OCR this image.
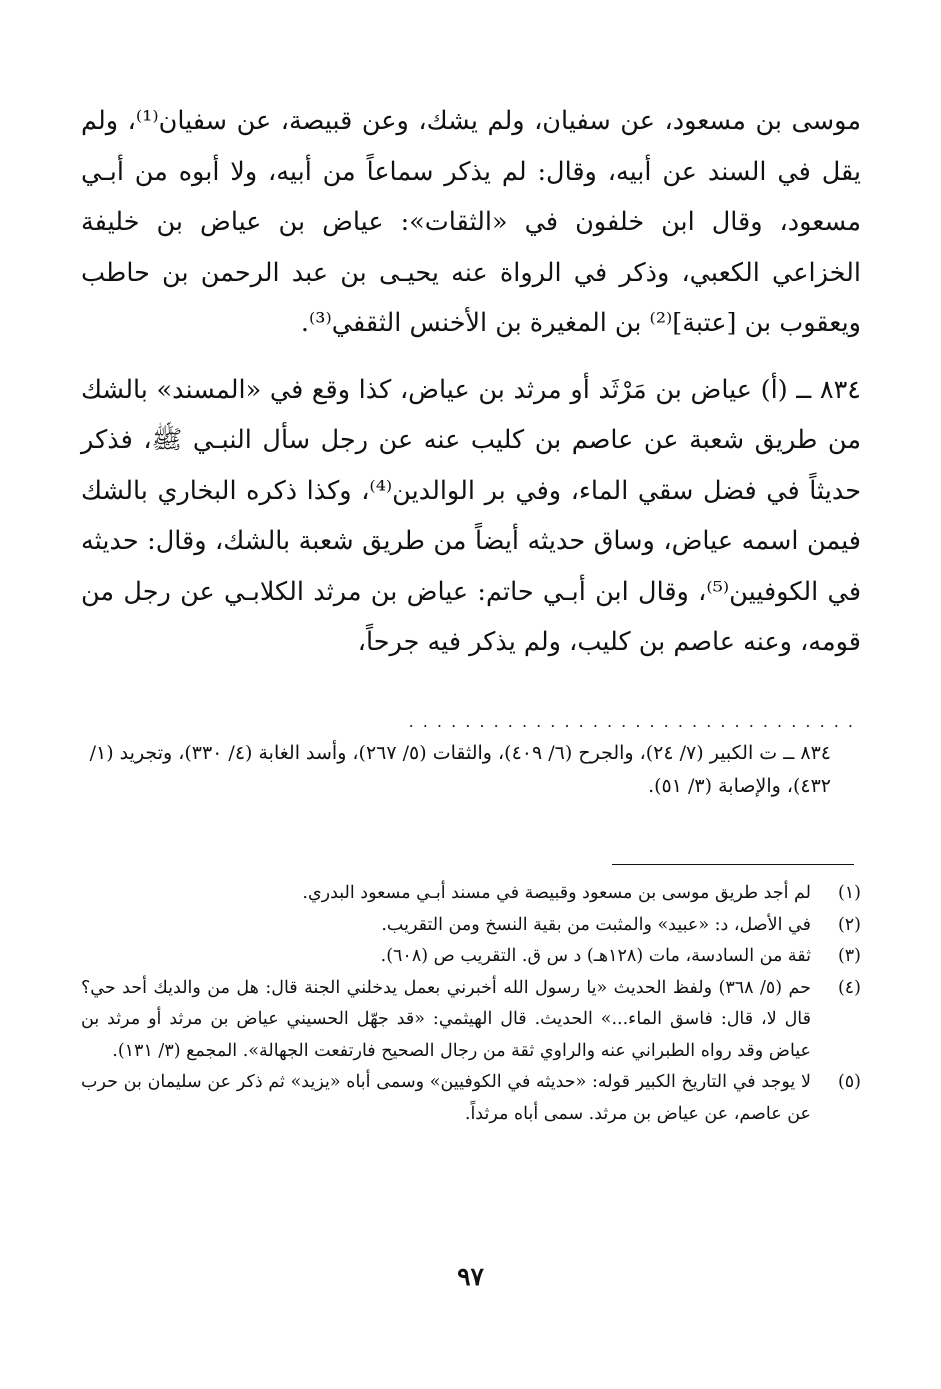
موسى بن مسعود، عن سفيان، ولم يشك، وعن قبيصة، عن سفيان⁽¹⁾، ولم يقل في السند عن أبيه، وقال: لم يذكر سماعاً من أبيه، ولا أبوه من أبـي مسعود، وقال ابن خلفون في «الثقات»: عياض بن عياض بن خليفة الخزاعي الكعبي، وذكر في الرواة عنه يحيـى بن عبد الرحمن بن حاطب ويعقوب بن [عتبة]⁽²⁾ بن المغيرة بن الأخنس الثقفي⁽³⁾.

٨٣٤ ــ (أ) عياض بن مَرْثَد أو مرثد بن عياض، كذا وقع في «المسند» بالشك من طريق شعبة عن عاصم بن كليب عنه عن رجل سأل النبـي ﷺ، فذكر حديثاً في فضل سقي الماء، وفي بر الوالدين⁽⁴⁾، وكذا ذكره البخاري بالشك فيمن اسمه عياض، وساق حديثه أيضاً من طريق شعبة بالشك، وقال: حديثه في الكوفيين⁽⁵⁾، وقال ابن أبـي حاتم: عياض بن مرثد الكلابـي عن رجل من قومه، وعنه عاصم بن كليب، ولم يذكر فيه جرحاً،

. . . . . . . . . . . . . . . . . . . . . . . . . . . . . . . .
٨٣٤ ــ ت الكبير (٧/ ٢٤)، والجرح (٦/ ٤٠٩)، والثقات (٥/ ٢٦٧)، وأسد الغابة (٤/ ٣٣٠)، وتجريد (١/ ٤٣٢)، والإصابة (٣/ ٥١).
(١)
لم أجد طريق موسى بن مسعود وقبيصة في مسند أبـي مسعود البدري.
(٢)
في الأصل، د: «عبيد» والمثبت من بقية النسخ ومن التقريب.
(٣)
ثقة من السادسة، مات (١٢٨هـ) د س ق. التقريب ص (٦٠٨).
(٤)
حم (٥/ ٣٦٨) ولفظ الحديث «يا رسول الله أخبرني بعمل يدخلني الجنة قال: هل من والديك أحد حي؟ قال لا، قال: فاسق الماء...» الحديث. قال الهيثمي: «قد جهّل الحسيني عياض بن مرثد أو مرثد بن عياض وقد رواه الطبراني عنه والراوي ثقة من رجال الصحيح فارتفعت الجهالة». المجمع (٣/ ١٣١).
(٥)
لا يوجد في التاريخ الكبير قوله: «حديثه في الكوفيين» وسمى أباه «يزيد» ثم ذكر عن سليمان بن حرب عن عاصم، عن عياض بن مرثد. سمى أباه مرثداً.
٩٧
